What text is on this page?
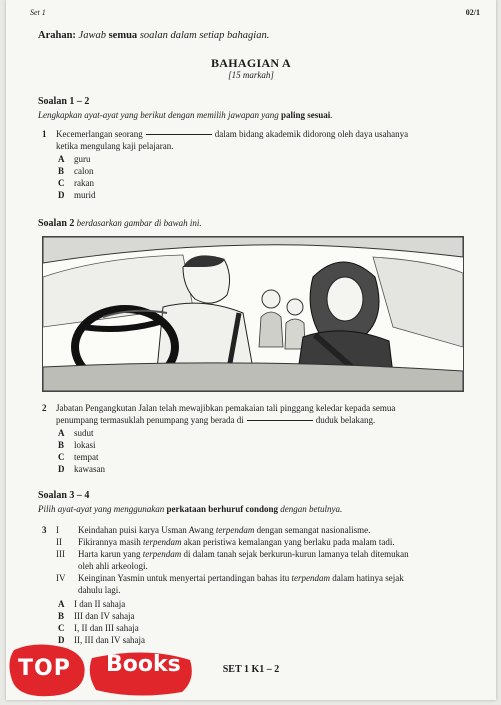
Set 1	02/1
Arahan: Jawab semua soalan dalam setiap bahagian.
BAHAGIAN A
[15 markah]
Soalan 1 – 2
Lengkapkan ayat-ayat yang berikut dengan memilih jawapan yang paling sesuai.
1 Kecemerlangan seorang	dalam bidang akademik didorong oleh daya usahanya
ketika mengulang kaji pelajaran.
A guru
B calon
C rakan
D murid
Soalan 2 berdasarkan gambar di bawah ini.
2 Jabatan Pengangkutan Jalan telah mewajibkan pemakaian tali pinggang keledar kepada semua
penumpang termasuklah penumpang yang berada di	duduk belakang.
A sudut
B lokasi
C tempat
D kawasan
Soalan 3 – 4
Pilih ayat-ayat yang menggunakan perkataan berhuruf condong dengan betulnya.
3 I Keindahan puisi karya Usman Awang terpendam dengan semangat nasionalisme.
II Fikirannya masih terpendam akan peristiwa kemalangan yang berlaku pada malam tadi.
III Harta karun yang terpendam di dalam tanah sejak berkurun-kurun lamanya telah ditemukan
oleh ahli arkeologi.
IV Keinginan Yasmin untuk menyertai pertandingan bahas itu terpendam dalam hatinya sejak
dahulu lagi.
A I dan II sahaja
B III dan IV sahaja
C I, II dan III sahaja
D II, III dan IV sahaja
SET 1 K1 – 2
TOP Books
